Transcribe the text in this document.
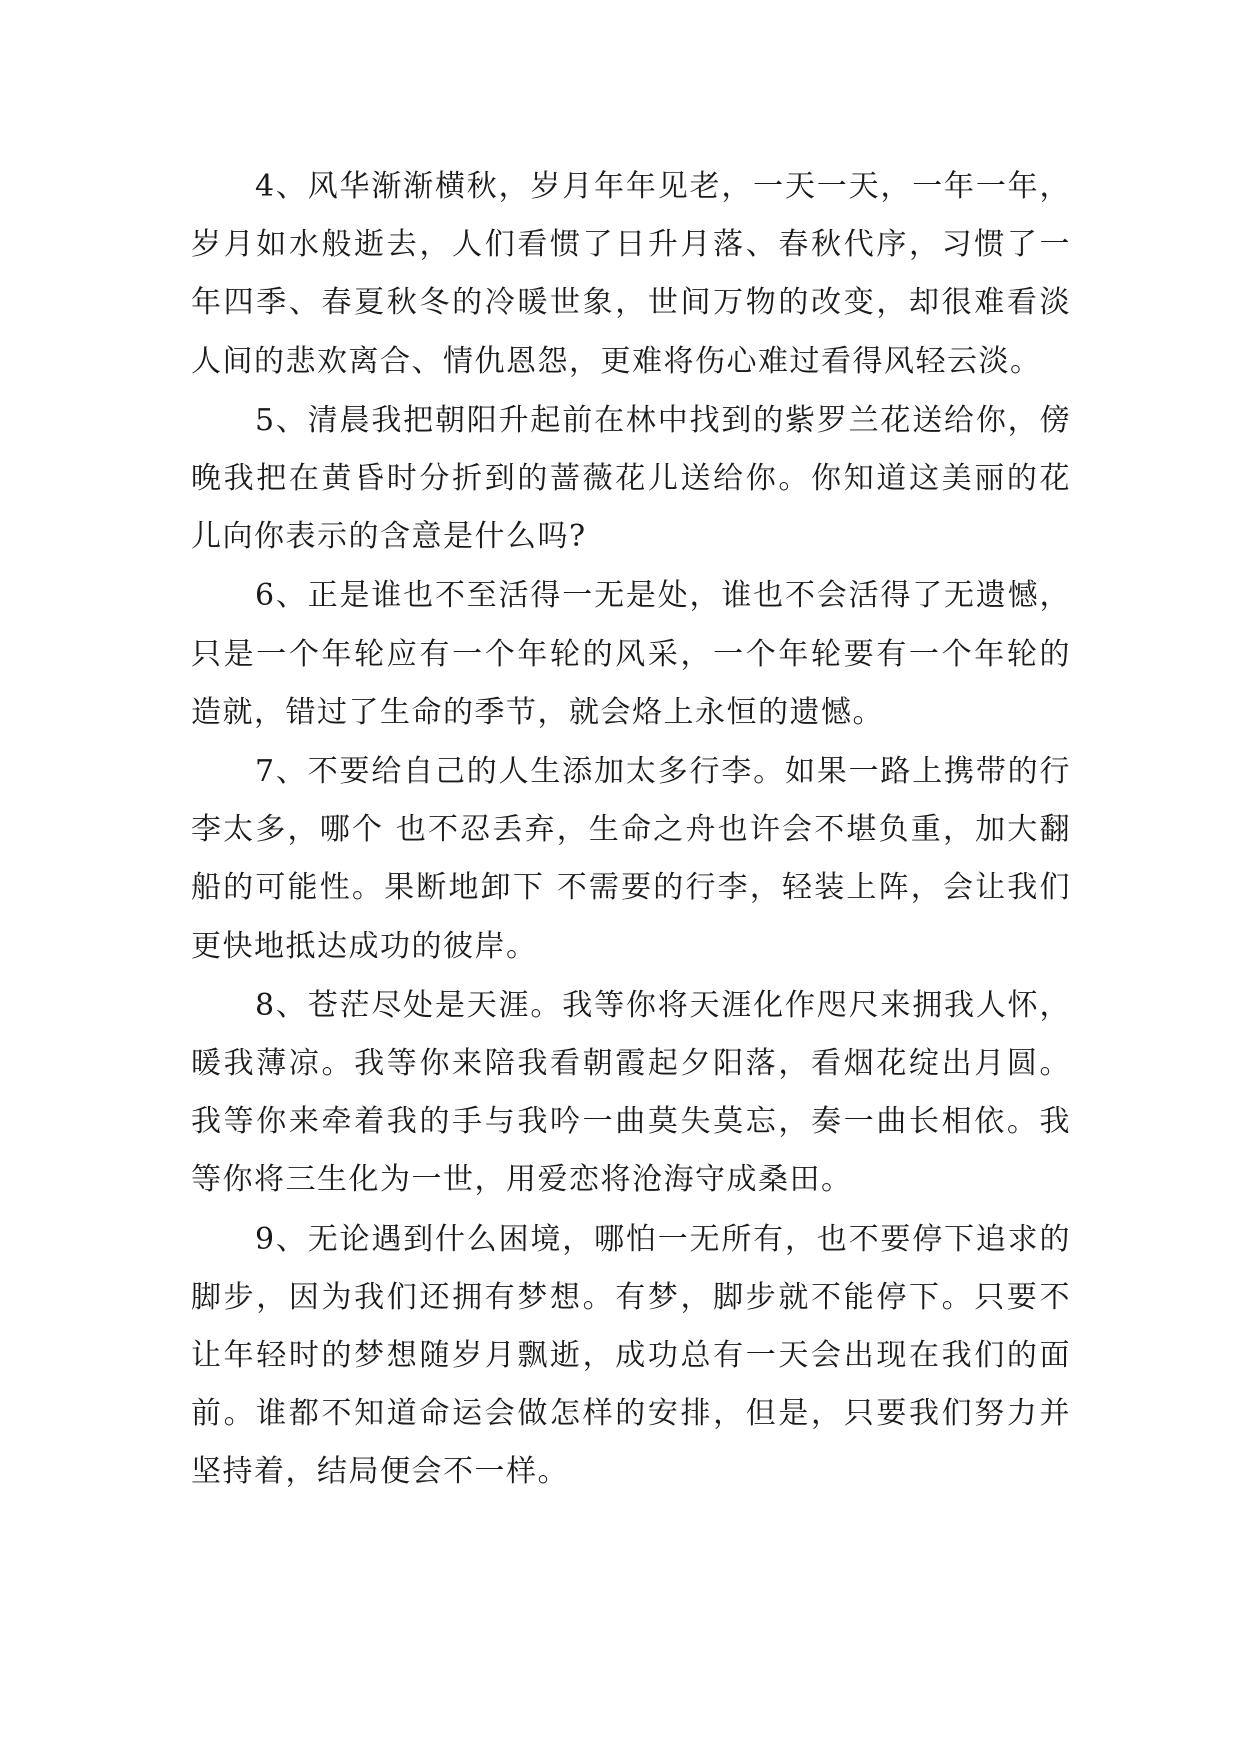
4、风华渐渐横秋，岁月年年见老，一天一天，一年一年，岁月如水般逝去，人们看惯了日升月落、春秋代序，习惯了一年四季、春夏秋冬的冷暖世象，世间万物的改变，却很难看淡人间的悲欢离合、情仇恩怨，更难将伤心难过看得风轻云淡。

5、清晨我把朝阳升起前在林中找到的紫罗兰花送给你，傍晚我把在黄昏时分折到的蔷薇花儿送给你。你知道这美丽的花儿向你表示的含意是什么吗?

6、正是谁也不至活得一无是处，谁也不会活得了无遗憾，只是一个年轮应有一个年轮的风采，一个年轮要有一个年轮的造就，错过了生命的季节，就会烙上永恒的遗憾。

7、不要给自己的人生添加太多行李。如果一路上携带的行李太多，哪个 也不忍丢弃，生命之舟也许会不堪负重，加大翻船的可能性。果断地卸下 不需要的行李，轻装上阵，会让我们更快地抵达成功的彼岸。

8、苍茫尽处是天涯。我等你将天涯化作咫尺来拥我人怀，暖我薄凉。我等你来陪我看朝霞起夕阳落，看烟花绽出月圆。我等你来牵着我的手与我吟一曲莫失莫忘，奏一曲长相依。我等你将三生化为一世，用爱恋将沧海守成桑田。

9、无论遇到什么困境，哪怕一无所有，也不要停下追求的脚步，因为我们还拥有梦想。有梦，脚步就不能停下。只要不让年轻时的梦想随岁月飘逝，成功总有一天会出现在我们的面前。谁都不知道命运会做怎样的安排，但是，只要我们努力并坚持着，结局便会不一样。
